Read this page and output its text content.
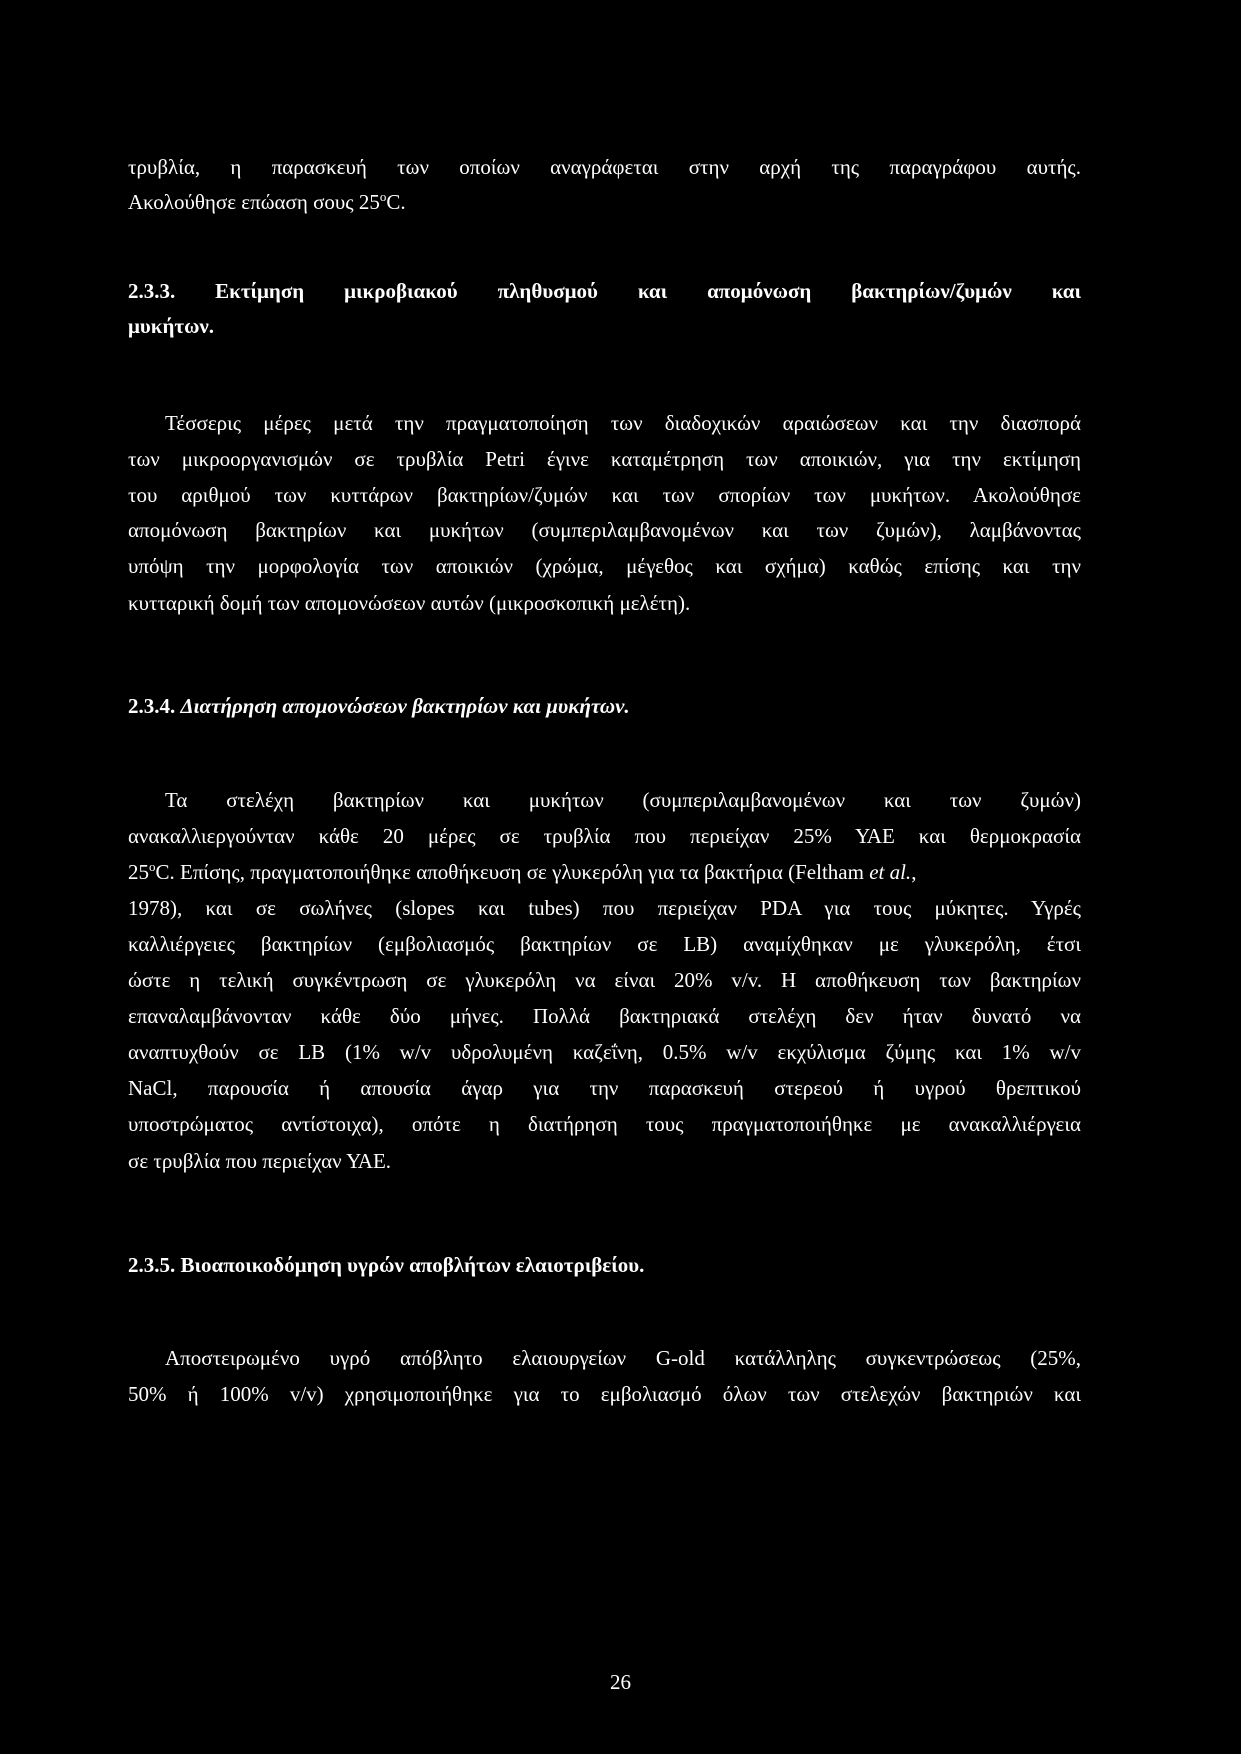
τρυβλία, η παρασκευή των οποίων αναγράφεται στην αρχή της παραγράφου αυτής.
Ακολούθησε επώαση σους 25$^o$C.
2.3.3. Εκτίμηση μικροβιακού πληθυσμού και απομόνωση βακτηρίων/ζυμών και
μυκήτων.
Τέσσερις μέρες μετά την πραγματοποίηση των διαδοχικών αραιώσεων και την διασπορά
των μικροοργανισμών σε τρυβλία Petri έγινε καταμέτρηση των αποικιών, για την εκτίμηση
του αριθμού των κυττάρων βακτηρίων/ζυμών και των σπορίων των μυκήτων. Ακολούθησε
απομόνωση βακτηρίων και μυκήτων (συμπεριλαμβανομένων και των ζυμών), λαμβάνοντας
υπόψη την μορφολογία των αποικιών (χρώμα, μέγεθος και σχήμα) καθώς επίσης και την
κυτταρική δομή των απομονώσεων αυτών (μικροσκοπική μελέτη).
2.3.4. Διατήρηση απομονώσεων βακτηρίων και μυκήτων.
Τα στελέχη βακτηρίων και μυκήτων (συμπεριλαμβανομένων και των ζυμών)
ανακαλλιεργούνταν κάθε 20 μέρες σε τρυβλία που περιείχαν 25% ΥΑΕ και θερμοκρασία
25$^o$C. Επίσης, πραγματοποιήθηκε αποθήκευση σε γλυκερόλη για τα βακτήρια (Feltham et al.,
1978), και σε σωλήνες (slopes και tubes) που περιείχαν PDA για τους μύκητες. Υγρές
καλλιέργειες βακτηρίων (εμβολιασμός βακτηρίων σε LB) αναμίχθηκαν με γλυκερόλη, έτσι
ώστε η τελική συγκέντρωση σε γλυκερόλη να είναι 20% v/v. Η αποθήκευση των βακτηρίων
επαναλαμβάνονταν κάθε δύο μήνες. Πολλά βακτηριακά στελέχη δεν ήταν δυνατό να
αναπτυχθούν σε LB (1% w/v υδρολυμένη καζεΐνη, 0.5% w/v εκχύλισμα ζύμης και 1% w/v
NaCl, παρουσία ή απουσία άγαρ για την παρασκευή στερεού ή υγρού θρεπτικού
υποστρώματος αντίστοιχα), οπότε η διατήρηση τους πραγματοποιήθηκε με ανακαλλιέργεια
σε τρυβλία που περιείχαν ΥΑΕ.
2.3.5. Βιοαποικοδόμηση υγρών αποβλήτων ελαιοτριβείου.
Αποστειρωμένο υγρό απόβλητο ελαιουργείων G-old κατάλληλης συγκεντρώσεως (25%,
50% ή 100% v/v) χρησιμοποιήθηκε για το εμβολιασμό όλων των στελεχών βακτηριών και
26
